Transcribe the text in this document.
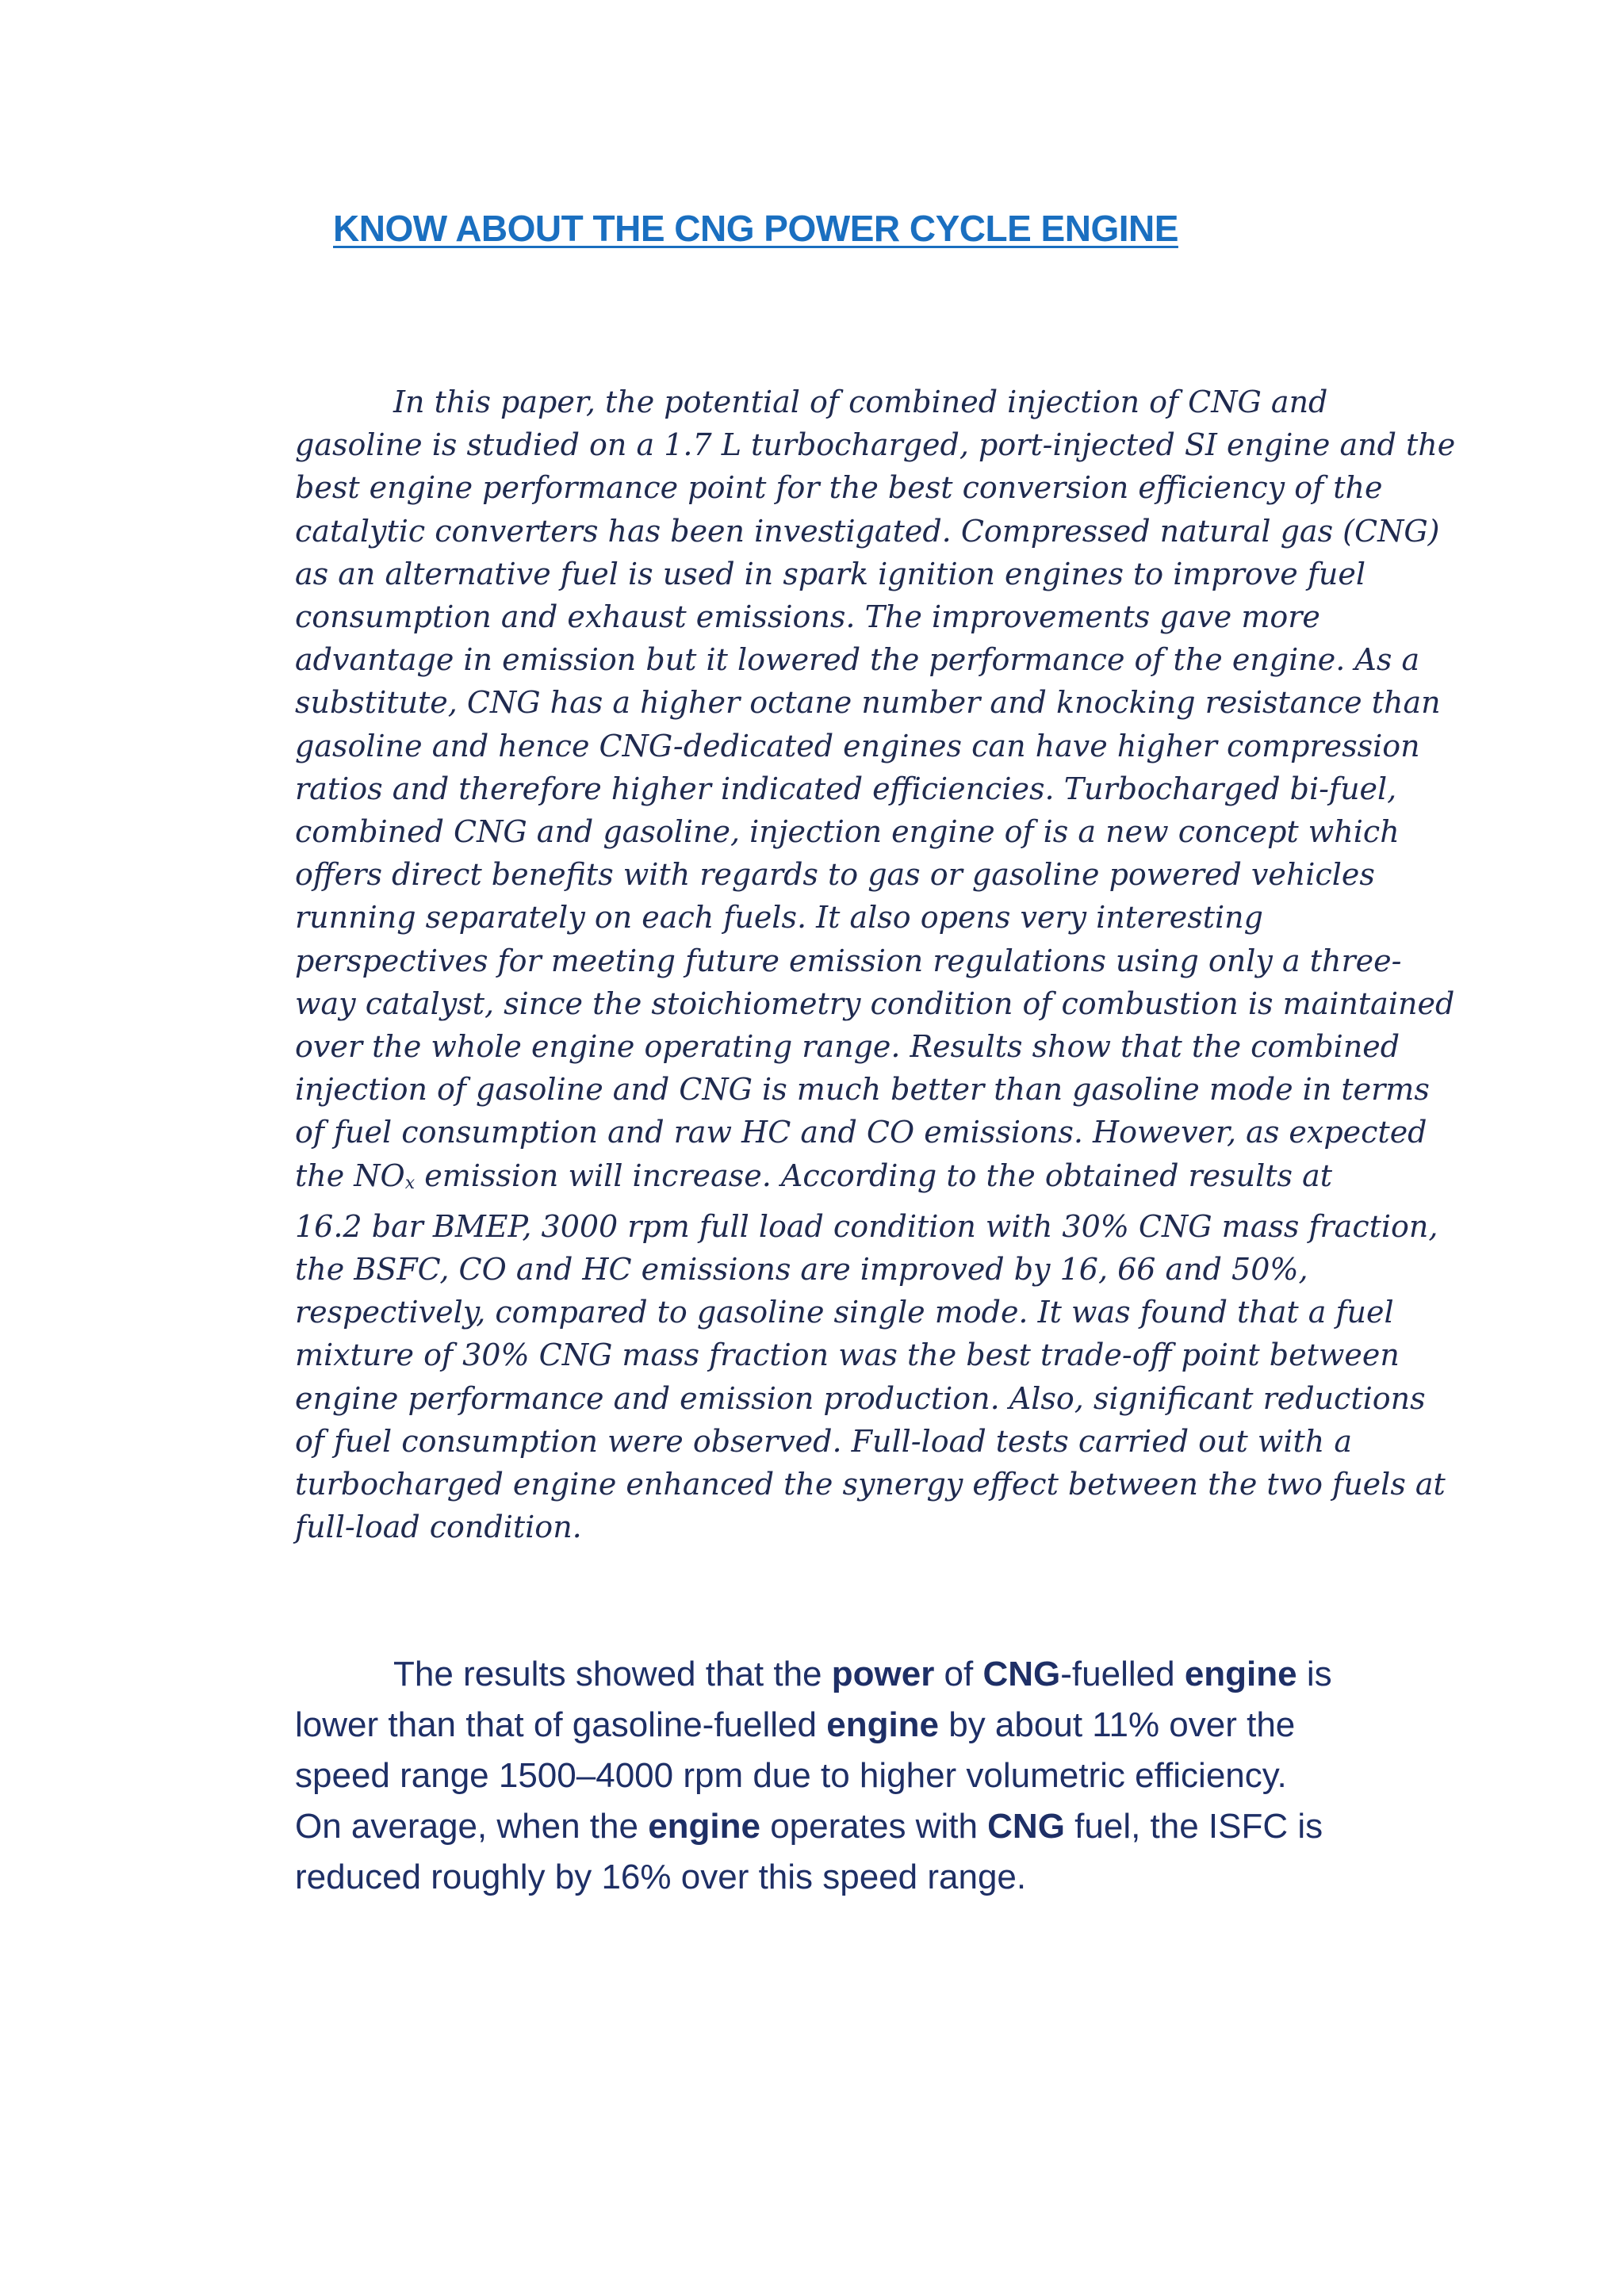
KNOW ABOUT THE CNG POWER CYCLE ENGINE
In this paper, the potential of combined injection of CNG and
gasoline is studied on a 1.7 L turbocharged, port-injected SI engine and the
best engine performance point for the best conversion efficiency of the
catalytic converters has been investigated. Compressed natural gas (CNG)
as an alternative fuel is used in spark ignition engines to improve fuel
consumption and exhaust emissions. The improvements gave more
advantage in emission but it lowered the performance of the engine. As a
substitute, CNG has a higher octane number and knocking resistance than
gasoline and hence CNG-dedicated engines can have higher compression
ratios and therefore higher indicated efficiencies. Turbocharged bi-fuel,
combined CNG and gasoline, injection engine of is a new concept which
offers direct benefits with regards to gas or gasoline powered vehicles
running separately on each fuels. It also opens very interesting
perspectives for meeting future emission regulations using only a three-
way catalyst, since the stoichiometry condition of combustion is maintained
over the whole engine operating range. Results show that the combined
injection of gasoline and CNG is much better than gasoline mode in terms
of fuel consumption and raw HC and CO emissions. However, as expected
the NOx emission will increase. According to the obtained results at
16.2 bar BMEP, 3000 rpm full load condition with 30% CNG mass fraction,
the BSFC, CO and HC emissions are improved by 16, 66 and 50%,
respectively, compared to gasoline single mode. It was found that a fuel
mixture of 30% CNG mass fraction was the best trade-off point between
engine performance and emission production. Also, significant reductions
of fuel consumption were observed. Full-load tests carried out with a
turbocharged engine enhanced the synergy effect between the two fuels at
full-load condition.
The results showed that the power of CNG-fuelled engine is
lower than that of gasoline-fuelled engine by about 11% over the
speed range 1500–4000 rpm due to higher volumetric efficiency.
On average, when the engine operates with CNG fuel, the ISFC is
reduced roughly by 16% over this speed range.
